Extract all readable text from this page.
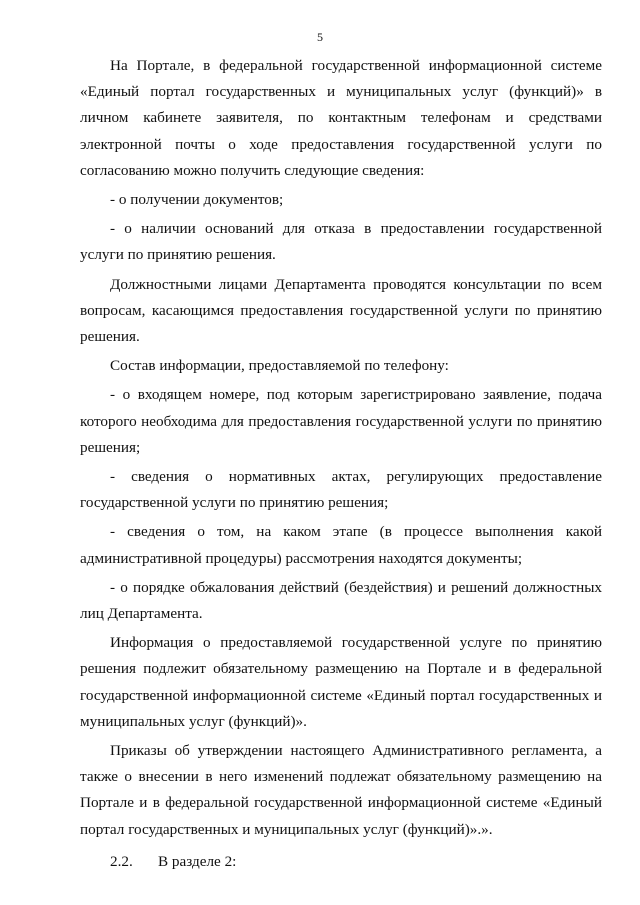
5

На Портале, в федеральной государственной информационной системе «Единый портал государственных и муниципальных услуг (функций)» в личном кабинете заявителя, по контактным телефонам и средствами электронной почты о ходе предоставления государственной услуги по согласованию можно получить следующие сведения:

- о получении документов;

- о наличии оснований для отказа в предоставлении государственной услуги по принятию решения.

Должностными лицами Департамента проводятся консультации по всем вопросам, касающимся предоставления государственной услуги по принятию решения.

Состав информации, предоставляемой по телефону:

- о входящем номере, под которым зарегистрировано заявление, подача которого необходима для предоставления государственной услуги по принятию решения;

- сведения о нормативных актах, регулирующих предоставление государственной услуги по принятию решения;

- сведения о том, на каком этапе (в процессе выполнения какой административной процедуры) рассмотрения находятся документы;

- о порядке обжалования действий (бездействия) и решений должностных лиц Департамента.

Информация о предоставляемой государственной услуге по принятию решения подлежит обязательному размещению на Портале и в федеральной государственной информационной системе «Единый портал государственных и муниципальных услуг (функций)».

Приказы об утверждении настоящего Административного регламента, а также о внесении в него изменений подлежат обязательному размещению на Портале и в федеральной государственной информационной системе «Единый портал государственных и муниципальных услуг (функций)».».

2.2. В разделе 2:
